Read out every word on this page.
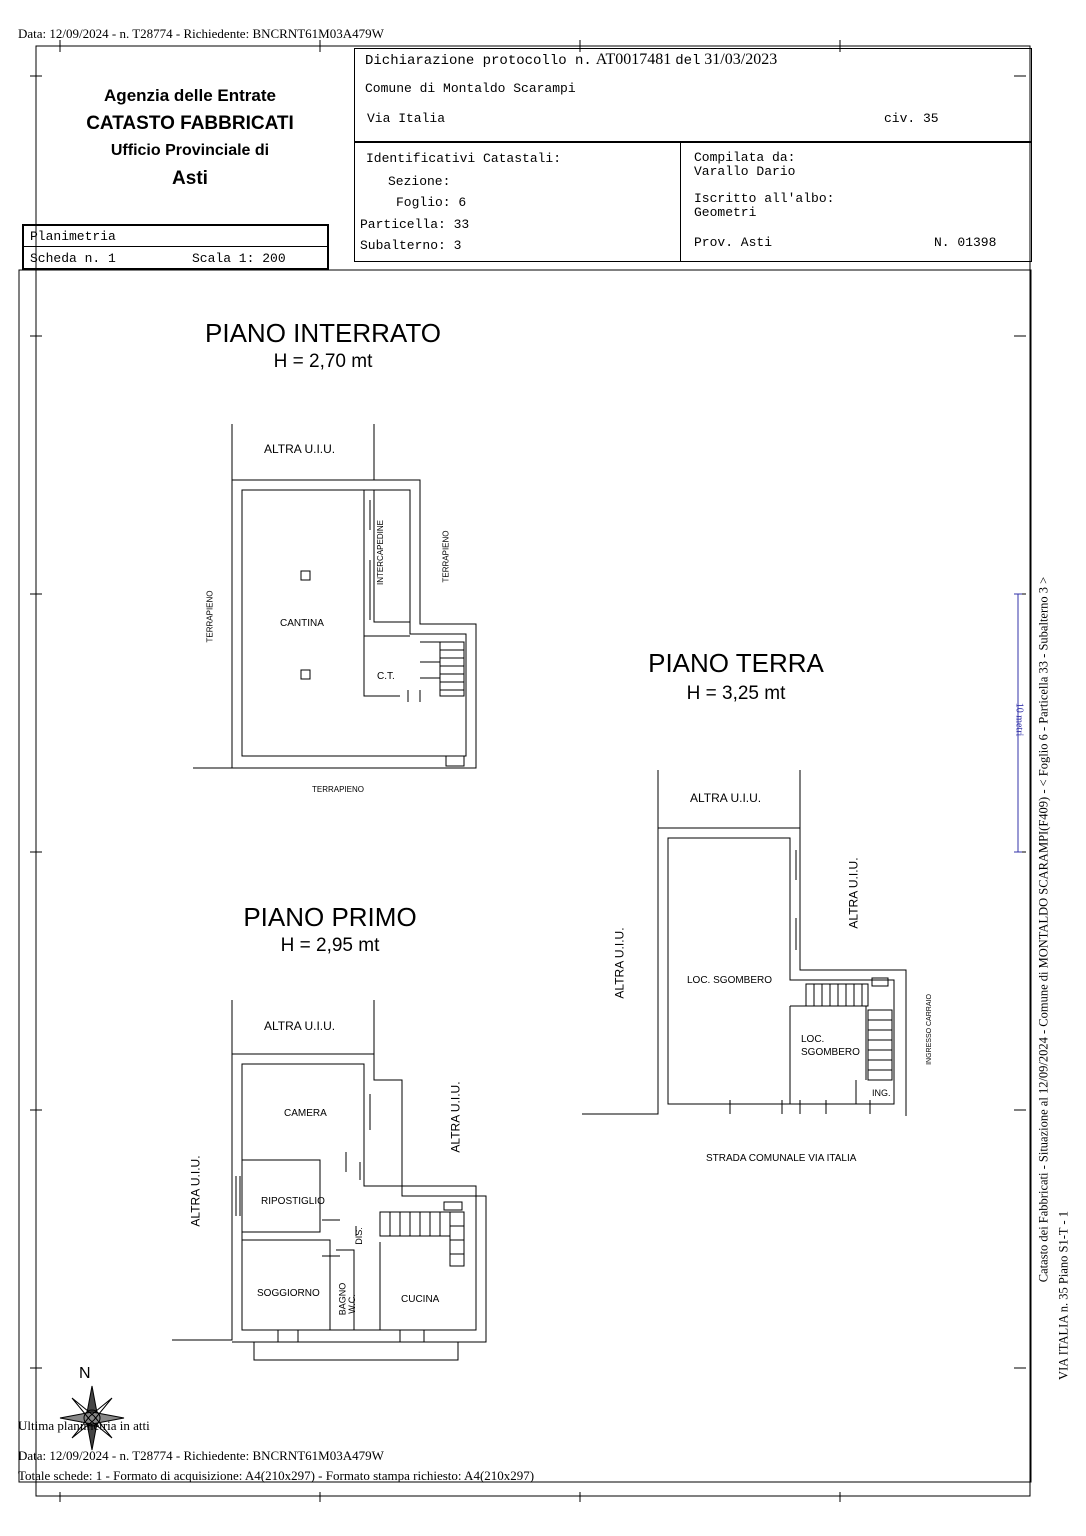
Data: 12/09/2024 - n. T28774 - Richiedente: BNCRNT61M03A479W
Agenzia delle Entrate
CATASTO FABBRICATI
Ufficio Provinciale di
Asti
Planimetria
Scheda n. 1	Scala 1: 200
Dichiarazione protocollo n. AT0017481 del 31/03/2023
Comune di Montaldo Scarampi
Via Italia	civ. 35
Identificativi Catastali:
Sezione:
Foglio: 6
Particella: 33
Subalterno: 3
Compilata da:
Varallo Dario
Iscritto all'albo:
Geometri
Prov. Asti	N. 01398
PIANO INTERRATO
H = 2,70 mt
PIANO TERRA
H = 3,25 mt
PIANO PRIMO
H = 2,95 mt
ALTRA U.I.U.
CANTINA
INTERCAPEDINE
TERRAPIENO
TERRAPIENO
TERRAPIENO
C.T.
ALTRA U.I.U.
ALTRA U.I.U.
ALTRA U.I.U.
LOC. SGOMBERO
LOC.
SGOMBERO	INGRESSO CARRAIO
ING.
STRADA COMUNALE VIA ITALIA
ALTRA U.I.U.
ALTRA U.I.U.
ALTRA U.I.U.
CAMERA
RIPOSTIGLIO
DIS.
SOGGIORNO BAGNO W.C.	CUCINA
N
10 metri Catasto dei Fabbricati - Situazione al 12/09/2024 - Comune di MONTALDO SCARAMPI(F409) - < Foglio 6 - Particella 33 - Subalterno 3 >
VIA ITALIA n. 35 Piano S1-T - 1
Ultima planimetria in atti
Data: 12/09/2024 - n. T28774 - Richiedente: BNCRNT61M03A479W
Totale schede: 1 - Formato di acquisizione: A4(210x297) - Formato stampa richiesto: A4(210x297)
